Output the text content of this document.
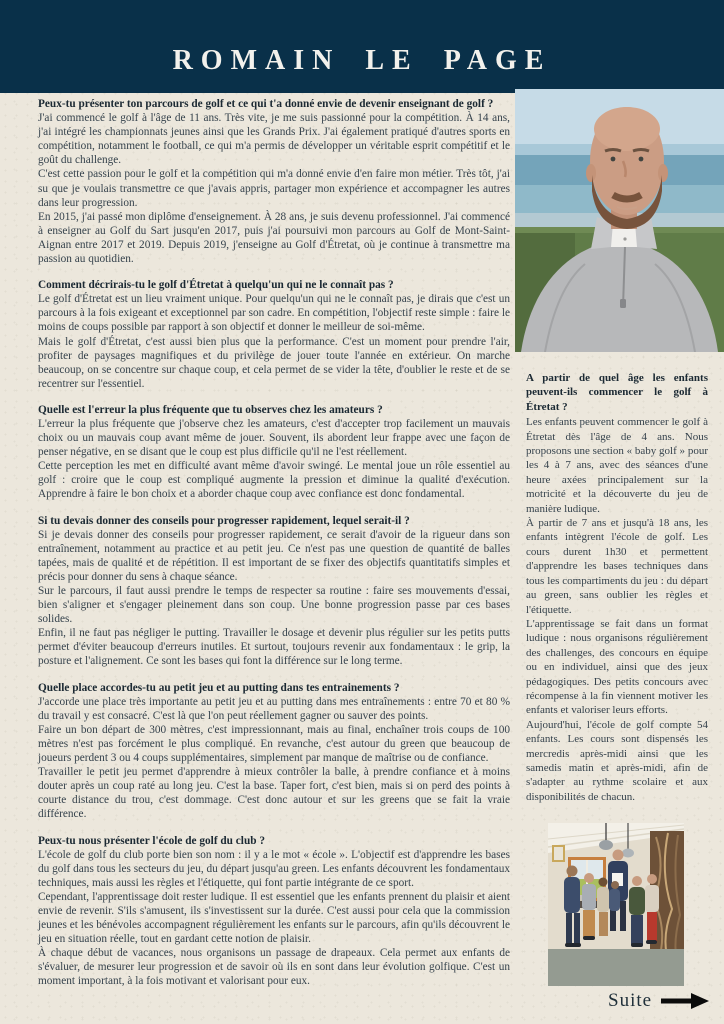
ROMAIN LE PAGE
Peux-tu présenter ton parcours de golf et ce qui t'a donné envie de devenir enseignant de golf ?

J'ai commencé le golf à l'âge de 11 ans. Très vite, je me suis passionné pour la compétition. À 14 ans, j'ai intégré les championnats jeunes ainsi que les Grands Prix. J'ai également pratiqué d'autres sports en compétition, notamment le football, ce qui m'a permis de développer un véritable esprit compétitif et le goût du challenge.

C'est cette passion pour le golf et la compétition qui m'a donné envie d'en faire mon métier. Très tôt, j'ai su que je voulais transmettre ce que j'avais appris, partager mon expérience et accompagner les autres dans leur progression.

En 2015, j'ai passé mon diplôme d'enseignement. À 28 ans, je suis devenu professionnel. J'ai commencé à enseigner au Golf du Sart jusqu'en 2017, puis j'ai poursuivi mon parcours au Golf de Mont-Saint-Aignan entre 2017 et 2019. Depuis 2019, j'enseigne au Golf d'Étretat, où je continue à transmettre ma passion au quotidien.

Comment décrirais-tu le golf d'Étretat à quelqu'un qui ne le connaît pas ?

Le golf d'Étretat est un lieu vraiment unique. Pour quelqu'un qui ne le connaît pas, je dirais que c'est un parcours à la fois exigeant et exceptionnel par son cadre. En compétition, l'objectif reste simple : faire le moins de coups possible par rapport à son objectif et donner le meilleur de soi-même.

Mais le golf d'Étretat, c'est aussi bien plus que la performance. C'est un moment pour prendre l'air, profiter de paysages magnifiques et du privilège de jouer toute l'année en extérieur. On marche beaucoup, on se concentre sur chaque coup, et cela permet de se vider la tête, d'oublier le reste et de se recentrer sur l'essentiel.

Quelle est l'erreur la plus fréquente que tu observes chez les amateurs ?

L'erreur la plus fréquente que j'observe chez les amateurs, c'est d'accepter trop facilement un mauvais choix ou un mauvais coup avant même de jouer. Souvent, ils abordent leur frappe avec une façon de penser négative, en se disant que le coup est plus difficile qu'il ne l'est réellement.

Cette perception les met en difficulté avant même d'avoir swingé. Le mental joue un rôle essentiel au golf : croire que le coup est compliqué augmente la pression et diminue la qualité d'exécution. Apprendre à faire le bon choix et a aborder chaque coup avec confiance est donc fondamental.

Si tu devais donner des conseils pour progresser rapidement, lequel serait-il ?

Si je devais donner des conseils pour progresser rapidement, ce serait d'avoir de la rigueur dans son entraînement, notamment au practice et au petit jeu. Ce n'est pas une question de quantité de balles tapées, mais de qualité et de répétition. Il est important de se fixer des objectifs quantitatifs simples et précis pour donner du sens à chaque séance.

Sur le parcours, il faut aussi prendre le temps de respecter sa routine : faire ses mouvements d'essai, bien s'aligner et s'engager pleinement dans son coup. Une bonne progression passe par ces bases solides.

Enfin, il ne faut pas négliger le putting. Travailler le dosage et devenir plus régulier sur les petits putts permet d'éviter beaucoup d'erreurs inutiles. Et surtout, toujours revenir aux fondamentaux : le grip, la posture et l'alignement. Ce sont les bases qui font la différence sur le long terme.

Quelle place accordes-tu au petit jeu et au putting dans tes entrainements ?

J'accorde une place très importante au petit jeu et au putting dans mes entraînements : entre 70 et 80 % du travail y est consacré. C'est là que l'on peut réellement gagner ou sauver des points.

Faire un bon départ de 300 mètres, c'est impressionnant, mais au final, enchaîner trois coups de 100 mètres n'est pas forcément le plus compliqué. En revanche, c'est autour du green que beaucoup de joueurs perdent 3 ou 4 coups supplémentaires, simplement par manque de maîtrise ou de confiance.

Travailler le petit jeu permet d'apprendre à mieux contrôler la balle, à prendre confiance et à moins douter après un coup raté au long jeu. C'est la base. Taper fort, c'est bien, mais si on perd des points à courte distance du trou, c'est dommage. C'est donc autour et sur les greens que se fait la vraie différence.

Peux-tu nous présenter l'école de golf du club ?

L'école de golf du club porte bien son nom : il y a le mot « école ». L'objectif est d'apprendre les bases du golf dans tous les secteurs du jeu, du départ jusqu'au green. Les enfants découvrent les fondamentaux techniques, mais aussi les règles et l'étiquette, qui font partie intégrante de ce sport.

Cependant, l'apprentissage doit rester ludique. Il est essentiel que les enfants prennent du plaisir et aient envie de revenir. S'ils s'amusent, ils s'investissent sur la durée. C'est aussi pour cela que la commission jeunes et les bénévoles accompagnent régulièrement les enfants sur le parcours, afin qu'ils découvrent le jeu en situation réelle, tout en gardant cette notion de plaisir.

À chaque début de vacances, nous organisons un passage de drapeaux. Cela permet aux enfants de s'évaluer, de mesurer leur progression et de savoir où ils en sont dans leur évolution golfique. C'est un moment important, à la fois motivant et valorisant pour eux.

A partir de quel âge les enfants peuvent-ils commencer le golf à Étretat ?

Les enfants peuvent commencer le golf à Étretat dès l'âge de 4 ans. Nous proposons une section « baby golf » pour les 4 à 7 ans, avec des séances d'une heure axées principalement sur la motricité et la découverte du jeu de manière ludique.

À partir de 7 ans et jusqu'à 18 ans, les enfants intègrent l'école de golf. Les cours durent 1h30 et permettent d'apprendre les bases techniques dans tous les compartiments du jeu : du départ au green, sans oublier les règles et l'étiquette.

L'apprentissage se fait dans un format ludique : nous organisons régulièrement des challenges, des concours en équipe ou en individuel, ainsi que des jeux pédagogiques. Des petits concours avec récompense à la fin viennent motiver les enfants et valoriser leurs efforts.

Aujourd'hui, l'école de golf compte 54 enfants. Les cours sont dispensés les mercredis après-midi ainsi que les samedis matin et après-midi, afin de s'adapter au rythme scolaire et aux disponibilités de chacun.

Suite
